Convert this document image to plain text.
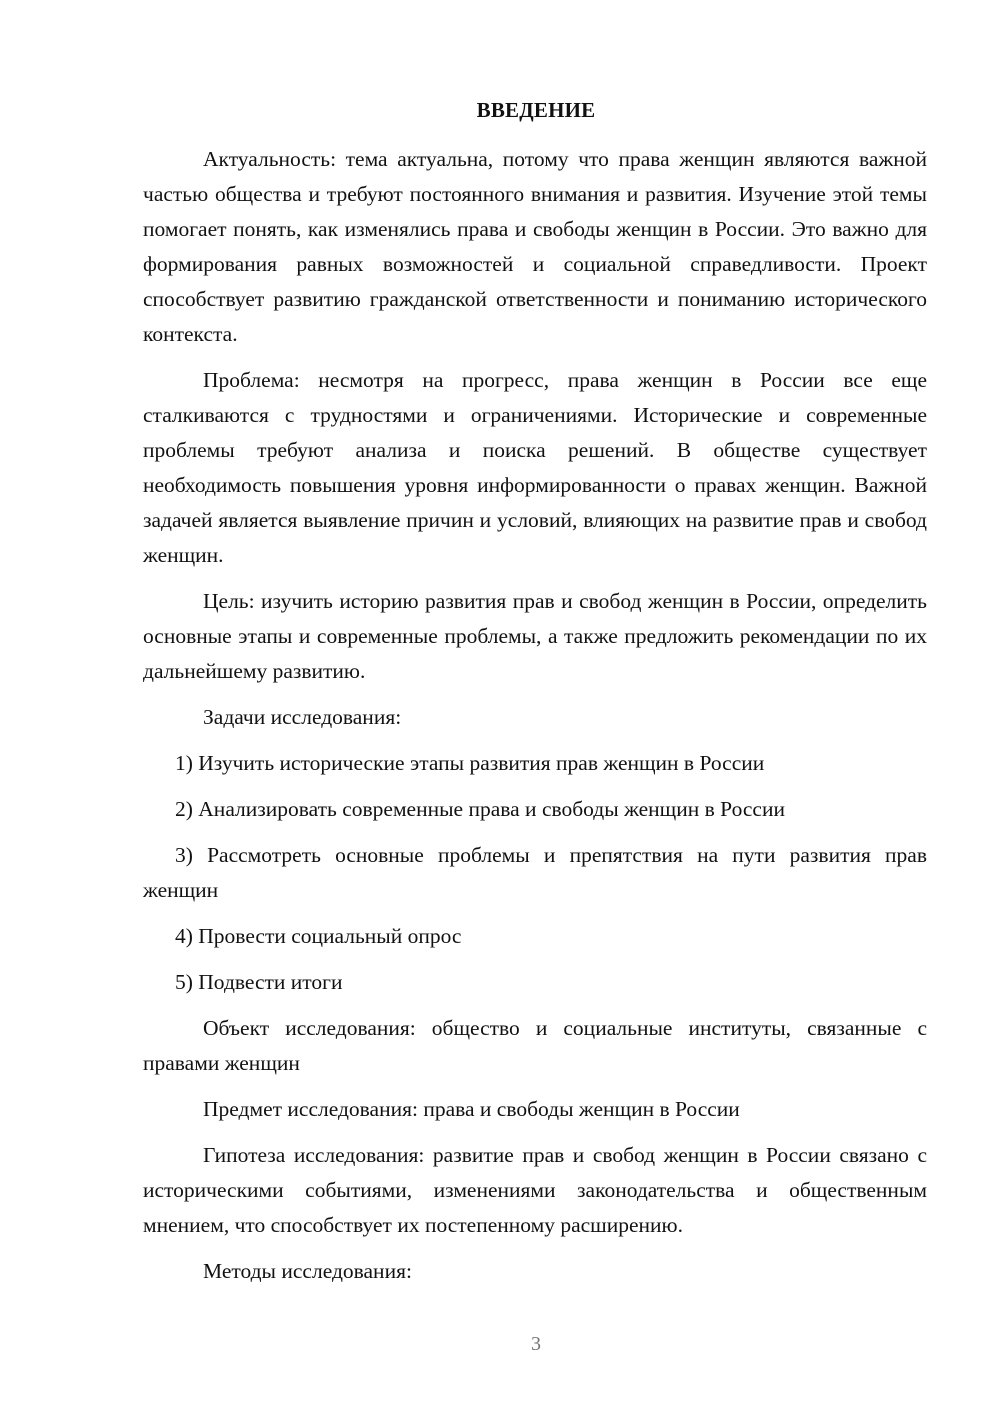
ВВЕДЕНИЕ

Актуальность: тема актуальна, потому что права женщин являются важной частью общества и требуют постоянного внимания и развития. Изучение этой темы помогает понять, как изменялись права и свободы женщин в России. Это важно для формирования равных возможностей и социальной справедливости. Проект способствует развитию гражданской ответственности и пониманию исторического контекста.

Проблема: несмотря на прогресс, права женщин в России все еще сталкиваются с трудностями и ограничениями. Исторические и современные проблемы требуют анализа и поиска решений. В обществе существует необходимость повышения уровня информированности о правах женщин. Важной задачей является выявление причин и условий, влияющих на развитие прав и свобод женщин.

Цель: изучить историю развития прав и свобод женщин в России, определить основные этапы и современные проблемы, а также предложить рекомендации по их дальнейшему развитию.

Задачи исследования:

1) Изучить исторические этапы развития прав женщин в России

2) Анализировать современные права и свободы женщин в России

3) Рассмотреть основные проблемы и препятствия на пути развития прав женщин

4) Провести социальный опрос

5) Подвести итоги

Объект исследования: общество и социальные институты, связанные с правами женщин

Предмет исследования: права и свободы женщин в России

Гипотеза исследования: развитие прав и свобод женщин в России связано с историческими событиями, изменениями законодательства и общественным мнением, что способствует их постепенному расширению.

Методы исследования:

3
